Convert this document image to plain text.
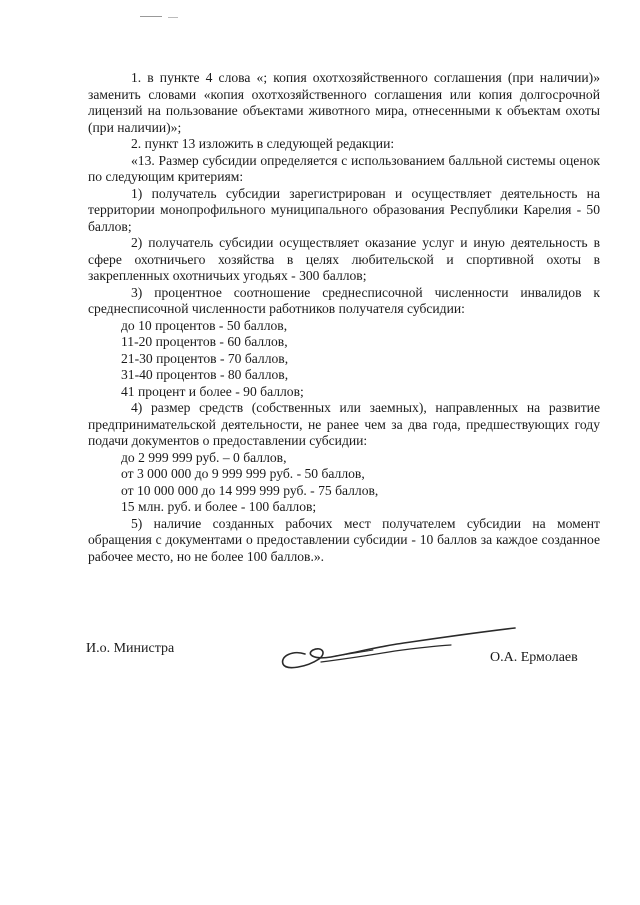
1. в пункте 4 слова «; копия охотхозяйственного соглашения (при наличии)» заменить словами «копия охотхозяйственного соглашения или копия долгосрочной лицензий на пользование объектами животного мира, отнесенными к объектам охоты (при наличии)»;

2. пункт 13 изложить в следующей редакции:

«13. Размер субсидии определяется с использованием балльной системы оценок по следующим критериям:

1) получатель субсидии зарегистрирован и осуществляет деятельность на территории монопрофильного муниципального образования Республики Карелия - 50 баллов;

2) получатель субсидии осуществляет оказание услуг и иную деятельность в сфере охотничьего хозяйства в целях любительской и спортивной охоты в закрепленных охотничьих угодьях - 300 баллов;

3) процентное соотношение среднесписочной численности инвалидов к среднесписочной численности работников получателя субсидии:

до 10 процентов - 50 баллов,

11-20 процентов - 60 баллов,

21-30 процентов - 70 баллов,

31-40 процентов - 80 баллов,

41 процент и более - 90 баллов;

4) размер средств (собственных или заемных), направленных на развитие предпринимательской деятельности, не ранее чем за два года, предшествующих году подачи документов о предоставлении субсидии:

до 2 999 999 руб. – 0 баллов,

от 3 000 000 до 9 999 999 руб. - 50 баллов,

от 10 000 000 до 14 999 999 руб. - 75 баллов,

15 млн. руб. и более - 100 баллов;

5) наличие созданных рабочих мест получателем субсидии на момент обращения с документами о предоставлении субсидии - 10 баллов за каждое созданное рабочее место, но не более 100 баллов.».

И.о. Министра
О.А. Ермолаев
